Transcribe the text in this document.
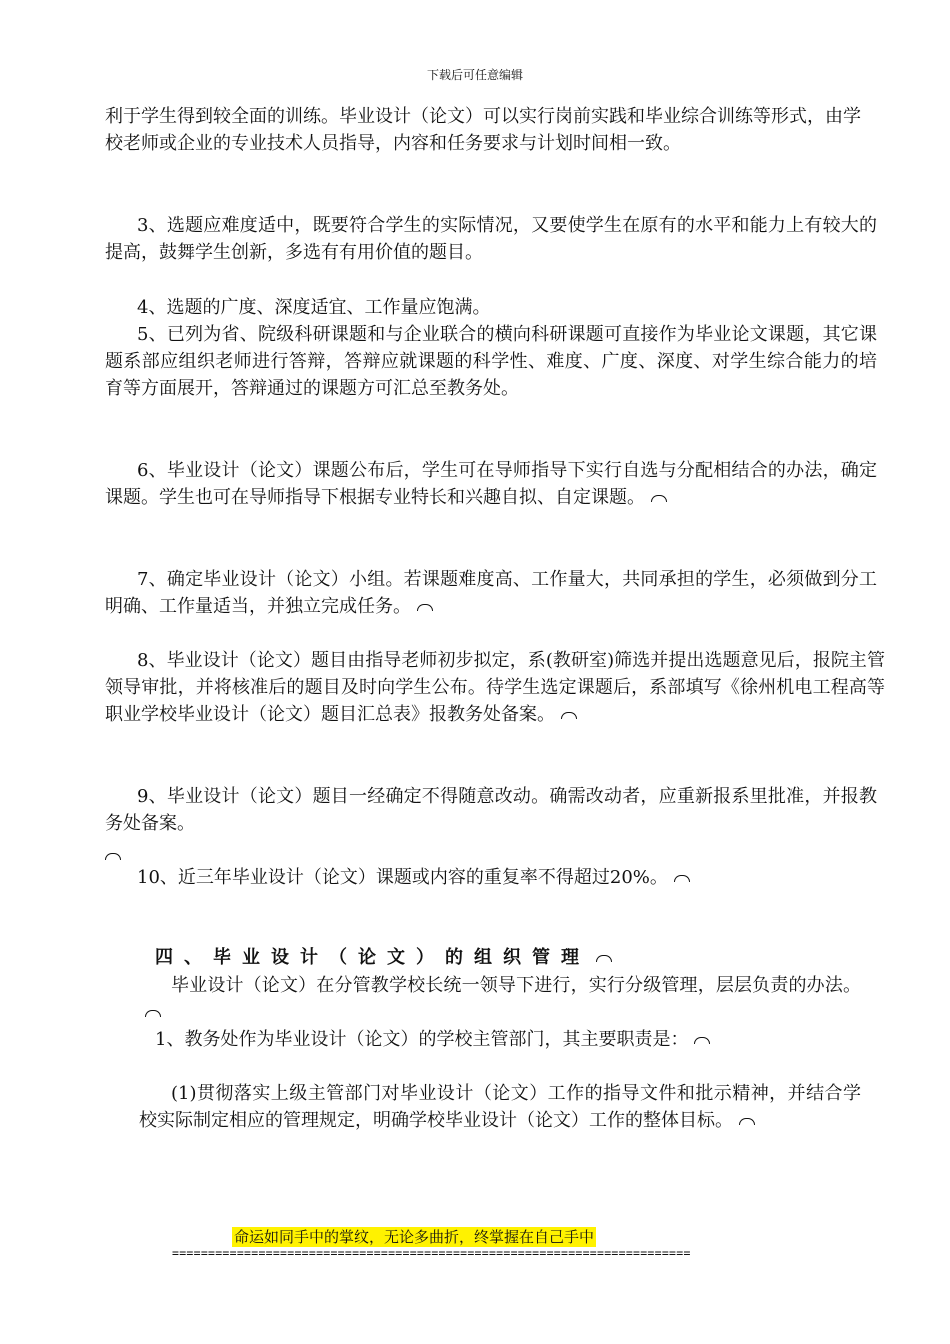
下载后可任意编辑

利于学生得到较全面的训练。毕业设计（论文）可以实行岗前实践和毕业综合训练等形式，由学校老师或企业的专业技术人员指导，内容和任务要求与计划时间相一致。

3、选题应难度适中，既要符合学生的实际情况，又要使学生在原有的水平和能力上有较大的提高，鼓舞学生创新，多选有有用价值的题目。

4、选题的广度、深度适宜、工作量应饱满。

5、已列为省、院级科研课题和与企业联合的横向科研课题可直接作为毕业论文课题，其它课题系部应组织老师进行答辩，答辩应就课题的科学性、难度、广度、深度、对学生综合能力的培育等方面展开，答辩通过的课题方可汇总至教务处。

6、毕业设计（论文）课题公布后，学生可在导师指导下实行自选与分配相结合的办法，确定课题。学生也可在导师指导下根据专业特长和兴趣自拟、自定课题。

7、确定毕业设计（论文）小组。若课题难度高、工作量大，共同承担的学生，必须做到分工明确、工作量适当，并独立完成任务。

8、毕业设计（论文）题目由指导老师初步拟定，系(教研室)筛选并提出选题意见后，报院主管领导审批，并将核准后的题目及时向学生公布。待学生选定课题后，系部填写《徐州机电工程高等职业学校毕业设计（论文）题目汇总表》报教务处备案。

9、毕业设计（论文）题目一经确定不得随意改动。确需改动者，应重新报系里批准，并报教务处备案。

10、近三年毕业设计（论文）课题或内容的重复率不得超过20%。

四、毕业设计（论文）的组织管理

毕业设计（论文）在分管教学校长统一领导下进行，实行分级管理，层层负责的办法。

1、教务处作为毕业设计（论文）的学校主管部门，其主要职责是：

(1)贯彻落实上级主管部门对毕业设计（论文）工作的指导文件和批示精神，并结合学校实际制定相应的管理规定，明确学校毕业设计（论文）工作的整体目标。

命运如同手中的掌纹，无论多曲折，终掌握在自己手中
========================================================================
